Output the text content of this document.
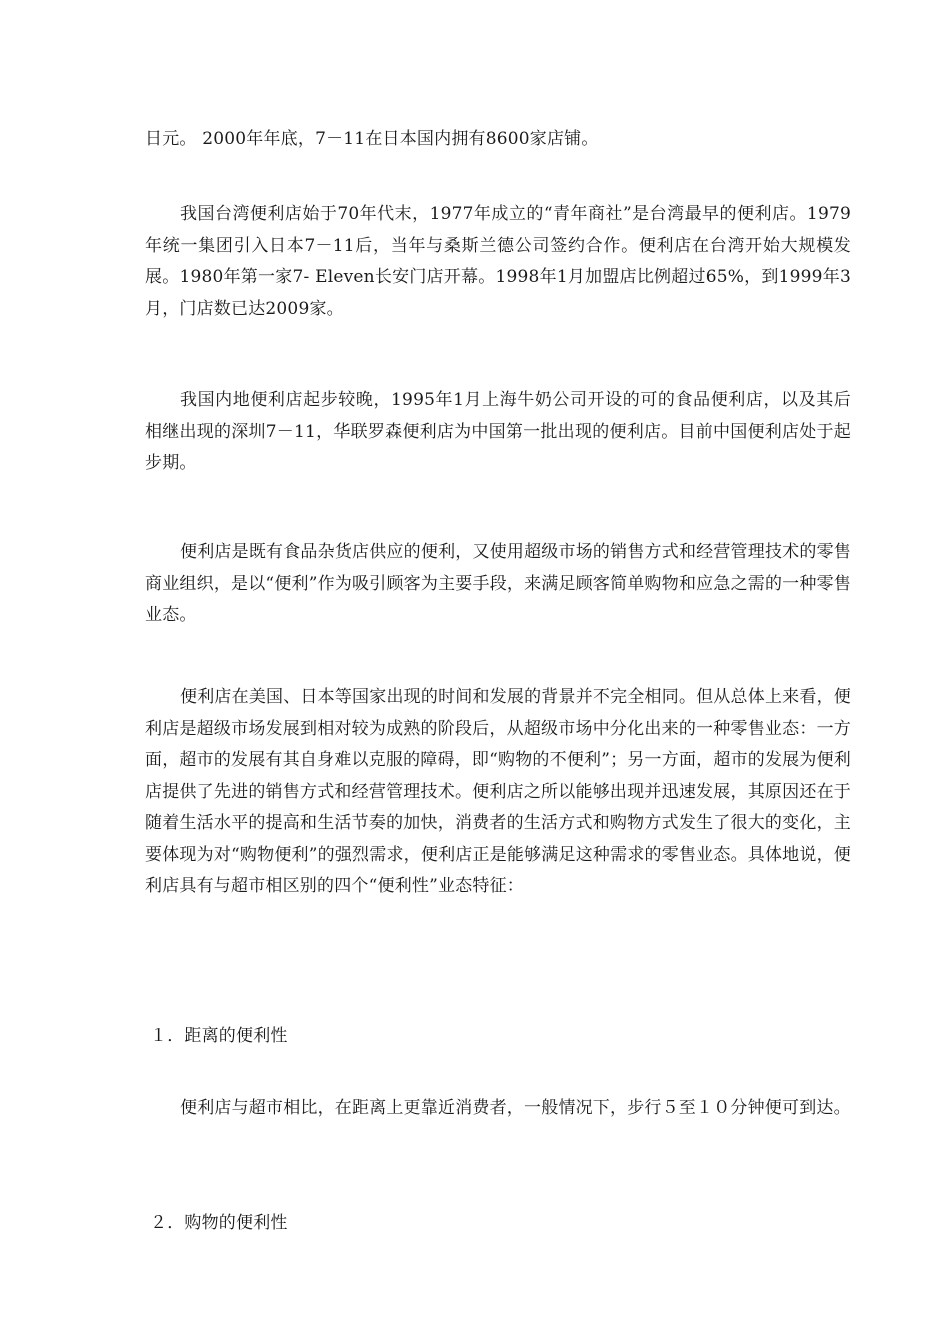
日元。 2000年年底，7－11在日本国内拥有8600家店铺。

我国台湾便利店始于70年代末，1977年成立的“青年商社”是台湾最早的便利店。1979年统一集团引入日本7－11后，当年与桑斯兰德公司签约合作。便利店在台湾开始大规模发展。1980年第一家7- Eleven长安门店开幕。1998年1月加盟店比例超过65%，到1999年3月，门店数已达2009家。

我国内地便利店起步较晚，1995年1月上海牛奶公司开设的可的食品便利店，以及其后相继出现的深圳7－11，华联罗森便利店为中国第一批出现的便利店。目前中国便利店处于起步期。

便利店是既有食品杂货店供应的便利，又使用超级市场的销售方式和经营管理技术的零售商业组织，是以“便利”作为吸引顾客为主要手段，来满足顾客简单购物和应急之需的一种零售业态。

便利店在美国、日本等国家出现的时间和发展的背景并不完全相同。但从总体上来看，便利店是超级市场发展到相对较为成熟的阶段后，从超级市场中分化出来的一种零售业态：一方面，超市的发展有其自身难以克服的障碍，即“购物的不便利”；另一方面，超市的发展为便利店提供了先进的销售方式和经营管理技术。便利店之所以能够出现并迅速发展，其原因还在于随着生活水平的提高和生活节奏的加快，消费者的生活方式和购物方式发生了很大的变化，主要体现为对“购物便利”的强烈需求，便利店正是能够满足这种需求的零售业态。具体地说，便利店具有与超市相区别的四个“便利性”业态特征：

１．距离的便利性

便利店与超市相比，在距离上更靠近消费者，一般情况下，步行５至１０分钟便可到达。

２．购物的便利性
